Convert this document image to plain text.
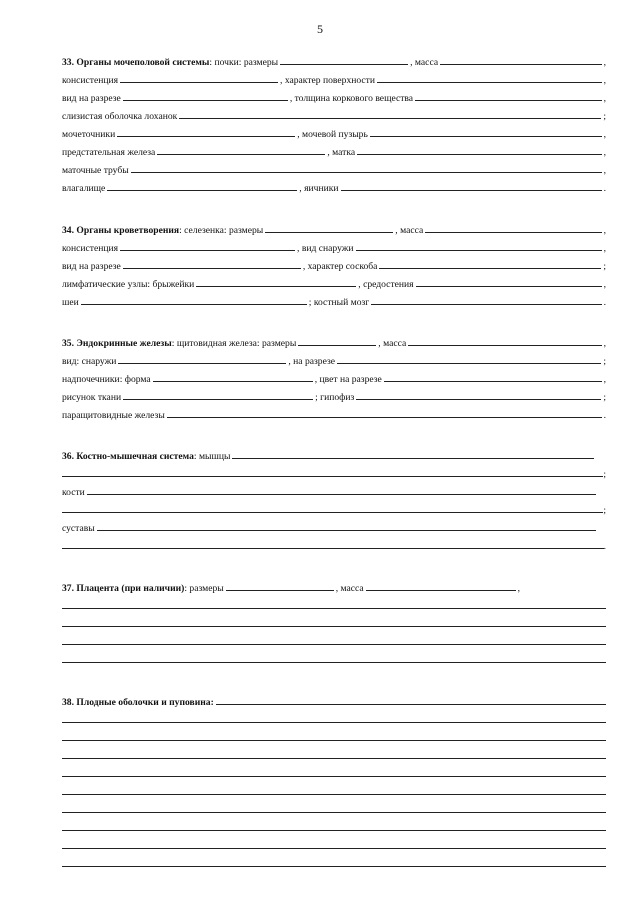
5
33. Органы мочеполовой системы: почки: размеры	, масса	,
консистенция	, характер поверхности	,
вид на разрезе	, толщина коркового вещества	,
слизистая оболочка лоханок	;
мочеточники	, мочевой пузырь	,
предстательная железа	, матка	,
маточные трубы	,
влагалище	, яичники	.
34. Органы кроветворения: селезенка: размеры	, масса	,
консистенция	, вид снаружи	,
вид на разрезе	, характер соскоба	;
лимфатические узлы: брыжейки	, средостения	,
шеи	; костный мозг	.
35. Эндокринные железы: щитовидная железа: размеры	, масса	,
вид: снаружи	, на разрезе	;
надпочечники: форма	, цвет на разрезе	,
рисунок ткани	; гипофиз	;
паращитовидные железы	.
36. Костно-мышечная система: мышцы
;
кости
;
суставы
.
37. Плацента (при наличии): размеры	, масса	,
38. Плодные оболочки и пуповина:
